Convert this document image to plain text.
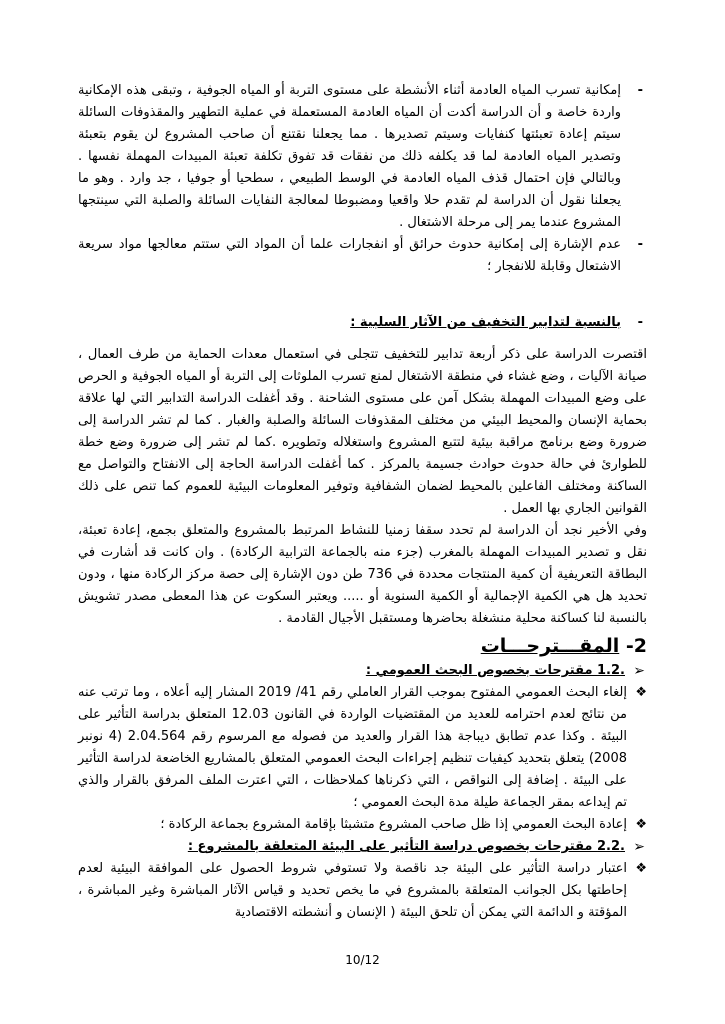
-
إمكانية تسرب المياه العادمة أثناء الأنشطة على مستوى التربة أو المياه الجوفية ، وتبقى هذه الإمكانية واردة خاصة و أن الدراسة أكدت أن المياه العادمة المستعملة في عملية التطهير والمقذوفات السائلة سيتم إعادة تعبئتها كنفايات وسيتم تصديرها . مما يجعلنا نقتنع أن صاحب المشروع لن يقوم بتعبئة وتصدير المياه العادمة لما قد يكلفه ذلك من نفقات قد تفوق تكلفة تعبئة المبيدات المهملة نفسها . وبالتالي فإن احتمال قذف المياه العادمة في الوسط الطبيعي ، سطحيا أو جوفيا ، جد وارد . وهو ما يجعلنا نقول أن الدراسة لم تقدم حلا واقعيا ومضبوطا لمعالجة النفايات السائلة والصلبة التي سينتجها المشروع عندما يمر إلى مرحلة الاشتغال .

-
عدم الإشارة إلى إمكانية حدوث حرائق أو انفجارات علما أن المواد التي ستتم معالجها مواد سريعة الاشتعال وقابلة للانفجار ؛

-
بالنسبة لتدابير التخفيف من الآثار السلبية :

اقتصرت الدراسة على ذكر أربعة تدابير للتخفيف تتجلى في استعمال معدات الحماية من طرف العمال ، صيانة الآليات ، وضع غشاء في منطقة الاشتغال لمنع تسرب الملوثات إلى التربة أو المياه الجوفية و الحرص على وضع المبيدات المهملة بشكل آمن على مستوى الشاحنة . وقد أغفلت الدراسة التدابير التي لها علاقة بحماية الإنسان والمحيط البيئي من مختلف المقذوفات السائلة والصلبة والغبار . كما لم تشر الدراسة إلى ضرورة وضع برنامج مراقبة بيئية لتتبع المشروع واستغلاله وتطويره .كما لم تشر إلى ضرورة وضع خطة للطوارئ في حالة حدوث حوادث جسيمة بالمركز . كما أغفلت الدراسة الحاجة إلى الانفتاح والتواصل مع الساكنة ومختلف الفاعلين بالمحيط لضمان الشفافية وتوفير المعلومات البيئية للعموم كما تنص على ذلك القوانين الجاري بها العمل .

وفي الأخير نجد أن الدراسة لم تحدد سقفا زمنيا للنشاط المرتبط بالمشروع والمتعلق بجمع، إعادة تعبئة، نقل و تصدير المبيدات المهملة بالمغرب (جزء منه بالجماعة الترابية الركادة) . وان كانت قد أشارت في البطاقة التعريفية أن كمية المنتجات محددة في 736 طن دون الإشارة إلى حصة مركز الركادة منها ، ودون تحديد هل هي الكمية الإجمالية أو الكمية السنوية أو ..... ويعتبر السكوت عن هذا المعطى مصدر تشويش بالنسبة لنا كساكنة محلية منشغلة بحاضرها ومستقبل الأجيال القادمة .

2- المقـــترحـــات

➢
.1.2 مقترحات بخصوص البحث العمومي :

❖
إلغاء البحث العمومي المفتوح بموجب القرار العاملي رقم 41/ 2019 المشار إليه أعلاه ، وما ترتب عنه من نتائج لعدم احترامه للعديد من المقتضيات الواردة في القانون 12.03 المتعلق بدراسة التأثير على البيئة . وكذا عدم تطابق ديباجة هذا القرار والعديد من فصوله مع المرسوم رقم 2.04.564 (4 نونبر 2008) يتعلق بتحديد كيفيات تنظيم إجراءات البحث العمومي المتعلق بالمشاريع الخاضعة لدراسة التأثير على البيئة . إضافة إلى النواقص ، التي ذكرناها كملاحظات ، التي اعترت الملف المرفق بالقرار والذي تم إيداعه بمقر الجماعة طيلة مدة البحث العمومي ؛

❖
إعادة البحث العمومي إذا ظل صاحب المشروع متشبثا بإقامة المشروع بجماعة الركادة ؛

➢
.2.2 مقترحات بخصوص دراسة التأثير على البيئة المتعلقة بالمشروع :

❖
اعتبار دراسة التأثير على البيئة جد ناقصة ولا تستوفي شروط الحصول على الموافقة البيئية لعدم إحاطتها بكل الجوانب المتعلقة بالمشروع في ما يخص تحديد و قياس الآثار المباشرة وغير المباشرة ، المؤقتة و الدائمة التي يمكن أن تلحق البيئة ( الإنسان و أنشطته الاقتصادية

10/12
